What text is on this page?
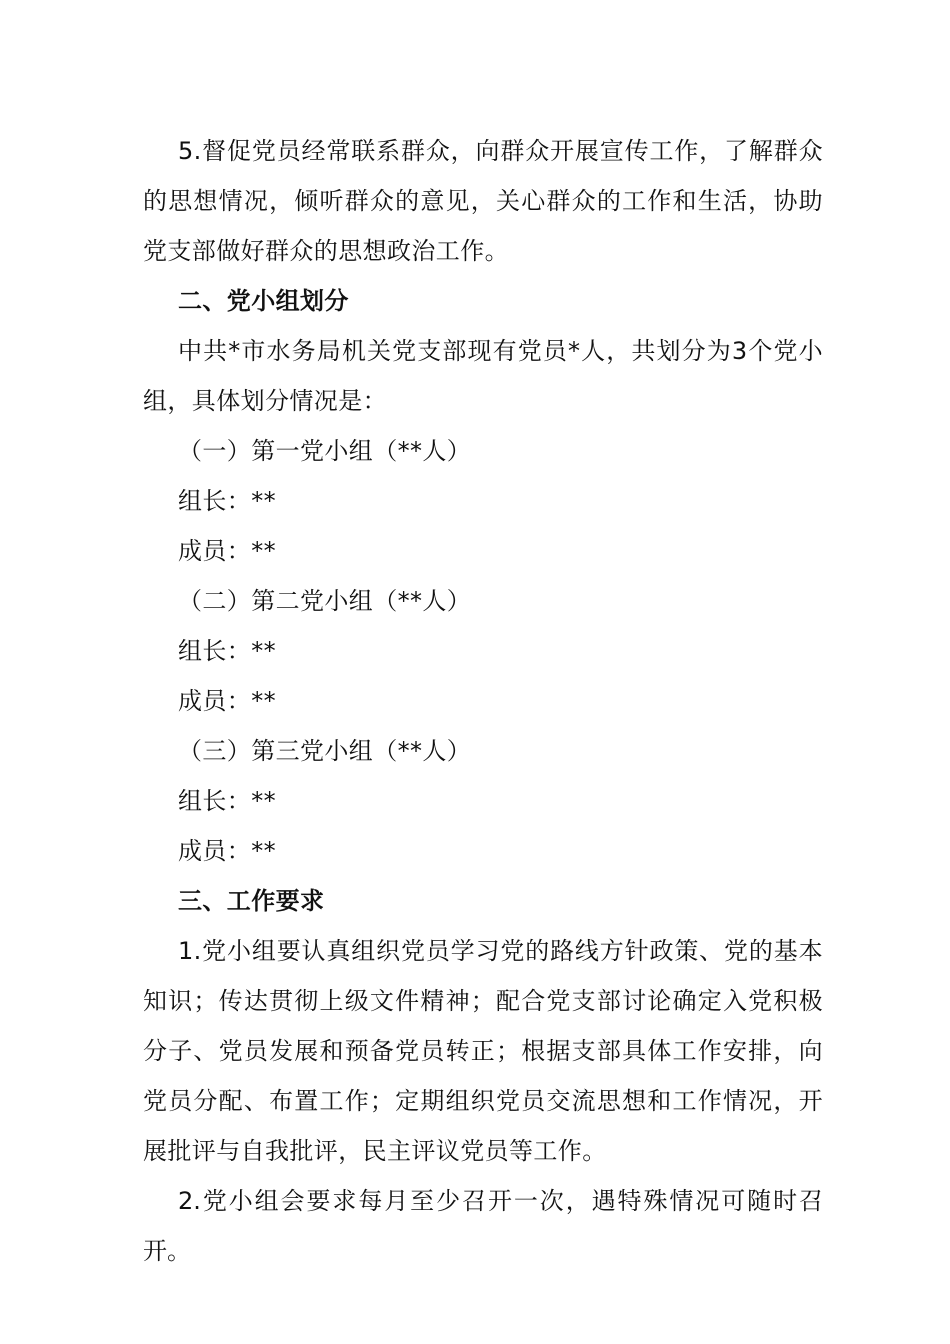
5.督促党员经常联系群众，向群众开展宣传工作，了解群众的思想情况，倾听群众的意见，关心群众的工作和生活，协助党支部做好群众的思想政治工作。

二、党小组划分

中共*市水务局机关党支部现有党员*人，共划分为3个党小组，具体划分情况是：

（一）第一党小组（**人）

组长：**

成员：**

（二）第二党小组（**人）

组长：**

成员：**

（三）第三党小组（**人）

组长：**

成员：**

三、工作要求

1.党小组要认真组织党员学习党的路线方针政策、党的基本知识；传达贯彻上级文件精神；配合党支部讨论确定入党积极分子、党员发展和预备党员转正；根据支部具体工作安排，向党员分配、布置工作；定期组织党员交流思想和工作情况，开展批评与自我批评，民主评议党员等工作。

2.党小组会要求每月至少召开一次，遇特殊情况可随时召开。
